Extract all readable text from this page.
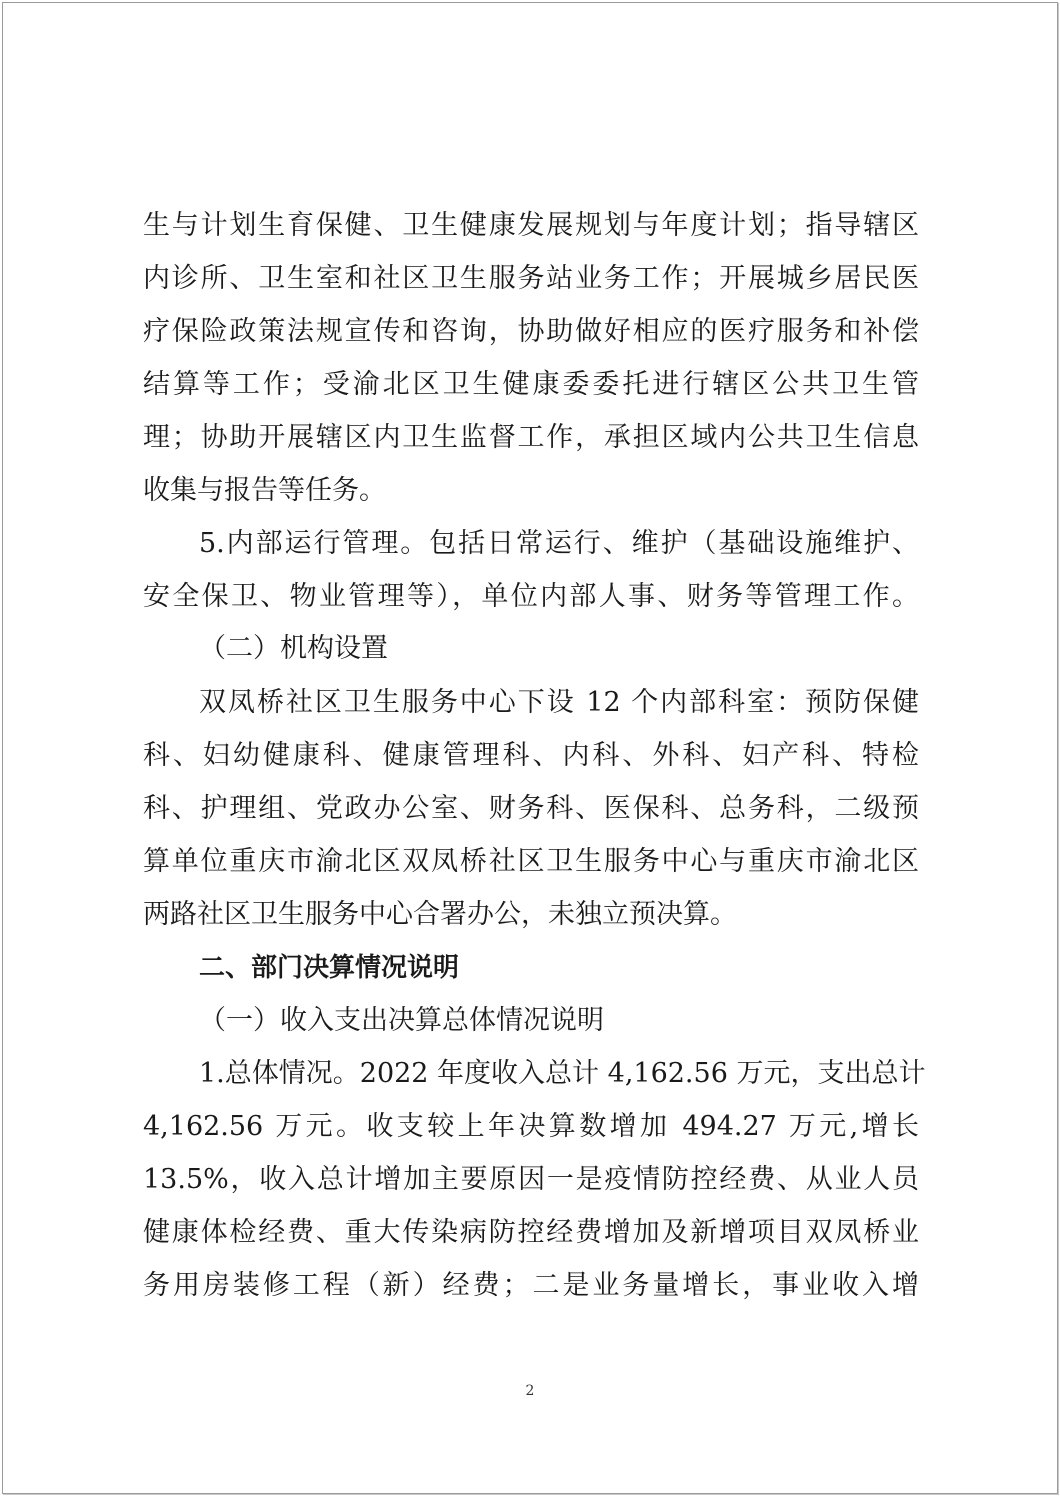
生与计划生育保健、卫生健康发展规划与年度计划；指导辖区
内诊所、卫生室和社区卫生服务站业务工作；开展城乡居民医
疗保险政策法规宣传和咨询，协助做好相应的医疗服务和补偿
结算等工作；受渝北区卫生健康委委托进行辖区公共卫生管
理；协助开展辖区内卫生监督工作，承担区域内公共卫生信息
收集与报告等任务。
5.内部运行管理。包括日常运行、维护（基础设施维护、
安全保卫、物业管理等），单位内部人事、财务等管理工作。
（二）机构设置
双凤桥社区卫生服务中心下设 12 个内部科室：预防保健
科、妇幼健康科、健康管理科、内科、外科、妇产科、特检
科、护理组、党政办公室、财务科、医保科、总务科，二级预
算单位重庆市渝北区双凤桥社区卫生服务中心与重庆市渝北区
两路社区卫生服务中心合署办公，未独立预决算。
二、部门决算情况说明
（一）收入支出决算总体情况说明
1.总体情况。2022 年度收入总计 4,162.56 万元，支出总计
4,162.56 万元。收支较上年决算数增加 494.27 万元,增长
13.5%，收入总计增加主要原因一是疫情防控经费、从业人员
健康体检经费、重大传染病防控经费增加及新增项目双凤桥业
务用房装修工程（新）经费；二是业务量增长，事业收入增
2
